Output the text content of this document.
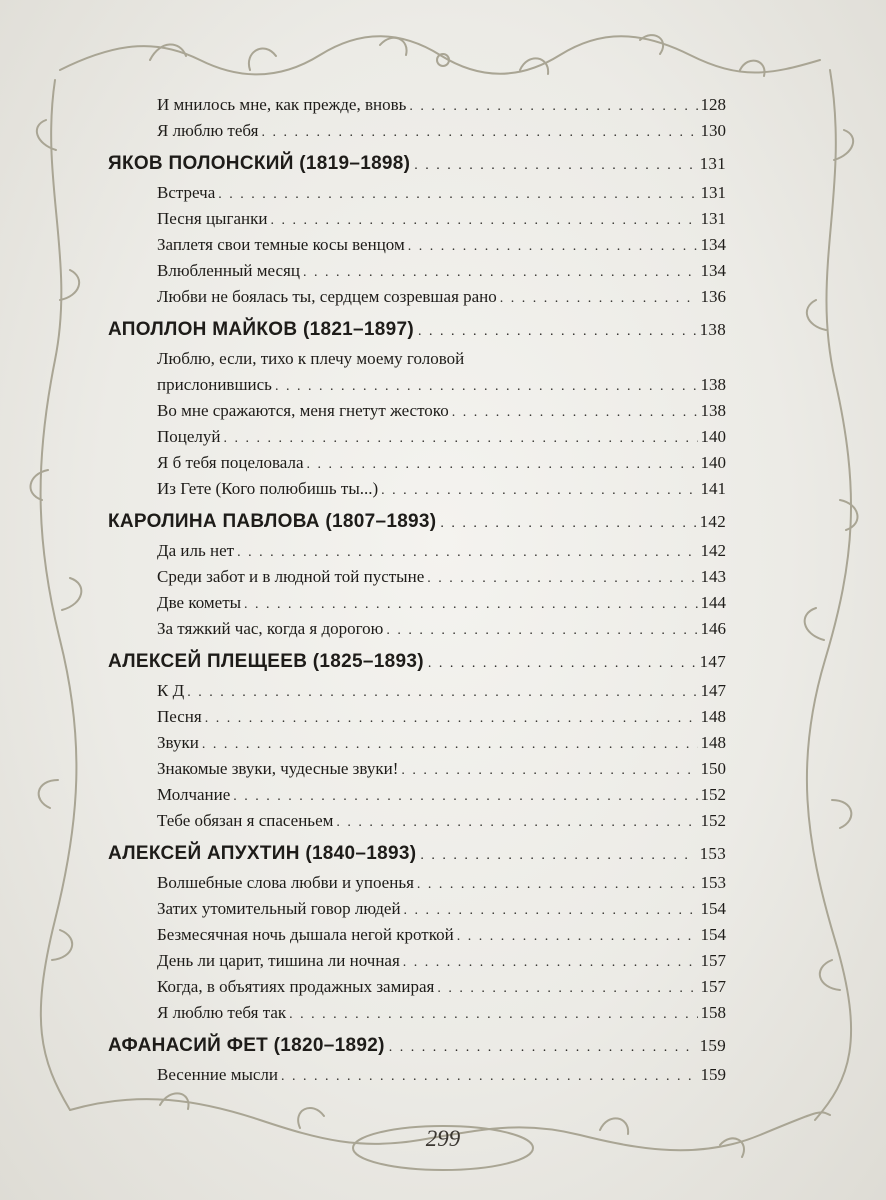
И мнилось мне, как прежде, вновь . . .	128
Я люблю тебя . . .	130
ЯКОВ ПОЛОНСКИЙ (1819–1898) . . .	131
Встреча . . .	131
Песня цыганки . . .	131
Заплетя свои темные косы венцом . . .	134
Влюбленный месяц . . .	134
Любви не боялась ты, сердцем созревшая рано . . .	136
АПОЛЛОН МАЙКОВ (1821–1897) . . .	138
Люблю, если, тихо к плечу моему головой
прислонившись . . .	138
Во мне сражаются, меня гнетут жестоко . . .	138
Поцелуй . . .	140
Я б тебя поцеловала . . .	140
Из Гете (Кого полюбишь ты...) . . .	141
КАРОЛИНА ПАВЛОВА (1807–1893) . . .	142
Да иль нет . . .	142
Среди забот и в людной той пустыне . . .	143
Две кометы . . .	144
За тяжкий час, когда я дорогою . . .	146
АЛЕКСЕЙ ПЛЕЩЕЕВ (1825–1893) . . .	147
К Д . . .	147
Песня . . .	148
Звуки . . .	148
Знакомые звуки, чудесные звуки! . . .	150
Молчание . . .	152
Тебе обязан я спасеньем . . .	152
АЛЕКСЕЙ АПУХТИН (1840–1893) . . .	153
Волшебные слова любви и упоенья . . .	153
Затих утомительный говор людей . . .	154
Безмесячная ночь дышала негой кроткой . . .	154
День ли царит, тишина ли ночная . . .	157
Когда, в объятиях продажных замирая . . .	157
Я люблю тебя так . . .	158
АФАНАСИЙ ФЕТ (1820–1892) . . .	159
Весенние мысли . . .	159
299
